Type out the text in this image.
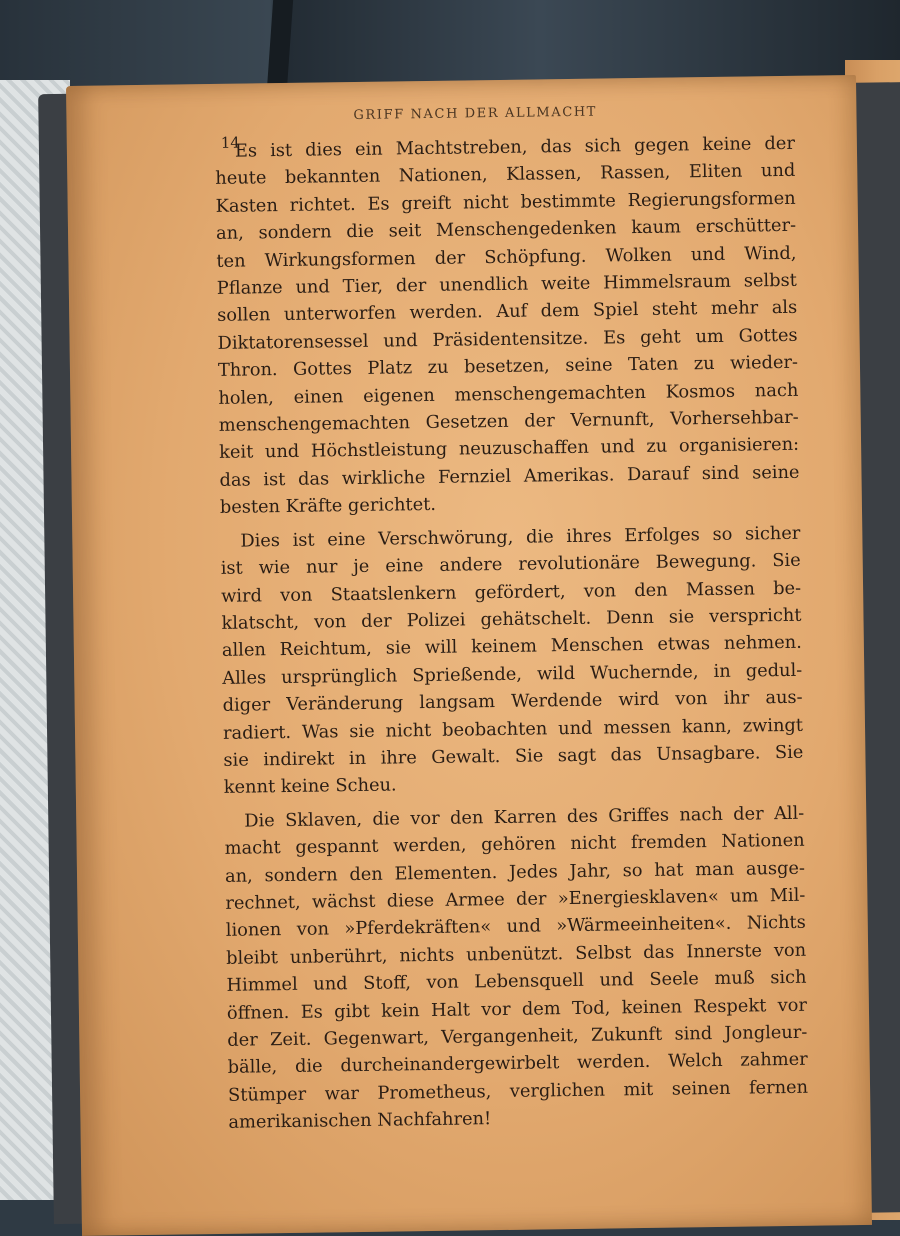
GRIFF NACH DER ALLMACHT
14
Es ist dies ein Machtstreben, das sich gegen keine der
heute bekannten Nationen, Klassen, Rassen, Eliten und
Kasten richtet. Es greift nicht bestimmte Regierungsformen
an, sondern die seit Menschengedenken kaum erschütter-
ten Wirkungsformen der Schöpfung. Wolken und Wind,
Pflanze und Tier, der unendlich weite Himmelsraum selbst
sollen unterworfen werden. Auf dem Spiel steht mehr als
Diktatorensessel und Präsidentensitze. Es geht um Gottes
Thron. Gottes Platz zu besetzen, seine Taten zu wieder-
holen, einen eigenen menschengemachten Kosmos nach
menschengemachten Gesetzen der Vernunft, Vorhersehbar-
keit und Höchstleistung neuzuschaffen und zu organisieren:
das ist das wirkliche Fernziel Amerikas. Darauf sind seine
besten Kräfte gerichtet.
Dies ist eine Verschwörung, die ihres Erfolges so sicher
ist wie nur je eine andere revolutionäre Bewegung. Sie
wird von Staatslenkern gefördert, von den Massen be-
klatscht, von der Polizei gehätschelt. Denn sie verspricht
allen Reichtum, sie will keinem Menschen etwas nehmen.
Alles ursprünglich Sprießende, wild Wuchernde, in gedul-
diger Veränderung langsam Werdende wird von ihr aus-
radiert. Was sie nicht beobachten und messen kann, zwingt
sie indirekt in ihre Gewalt. Sie sagt das Unsagbare. Sie
kennt keine Scheu.
Die Sklaven, die vor den Karren des Griffes nach der All-
macht gespannt werden, gehören nicht fremden Nationen
an, sondern den Elementen. Jedes Jahr, so hat man ausge-
rechnet, wächst diese Armee der »Energiesklaven« um Mil-
lionen von »Pferdekräften« und »Wärmeeinheiten«. Nichts
bleibt unberührt, nichts unbenützt. Selbst das Innerste von
Himmel und Stoff, von Lebensquell und Seele muß sich
öffnen. Es gibt kein Halt vor dem Tod, keinen Respekt vor
der Zeit. Gegenwart, Vergangenheit, Zukunft sind Jongleur-
bälle, die durcheinandergewirbelt werden. Welch zahmer
Stümper war Prometheus, verglichen mit seinen fernen
amerikanischen Nachfahren!
